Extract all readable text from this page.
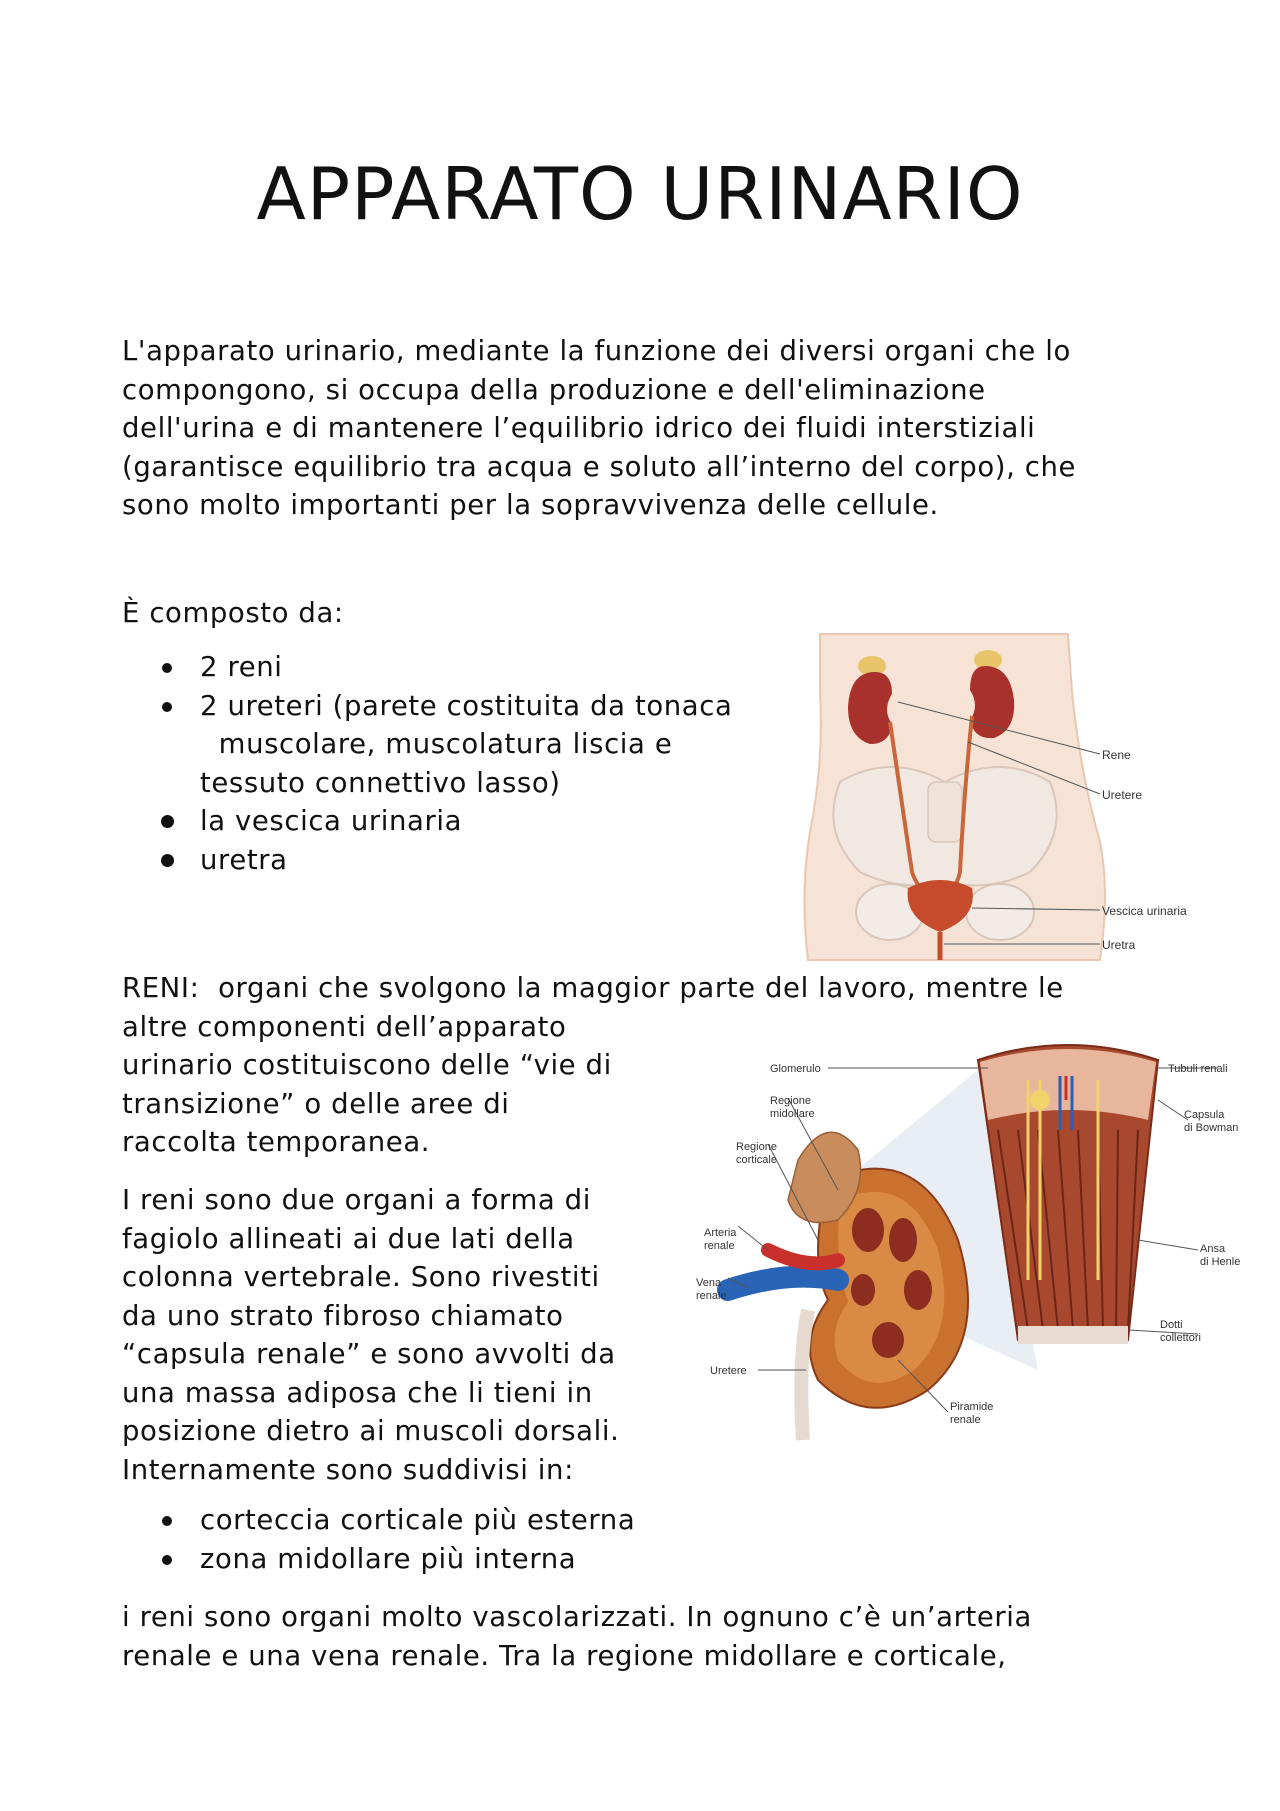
APPARATO URINARIO

L'apparato urinario, mediante la funzione dei diversi organi che lo
compongono, si occupa della produzione e dell'eliminazione
dell'urina e di mantenere l’equilibrio idrico dei fluidi interstiziali
(garantisce equilibrio tra acqua e soluto all’interno del corpo), che
sono molto importanti per la sopravvivenza delle cellule.

È composto da:

2 reni
2 ureteri (parete costituita da tonaca
muscolare, muscolatura liscia e
tessuto connettivo lasso)
la vescica urinaria
uretra
Rene
Uretere
Vescica urinaria
Uretra

RENI: organi che svolgono la maggior parte del lavoro, mentre le
altre componenti dell’apparato
urinario costituiscono delle “vie di
transizione” o delle aree di
raccolta temporanea.

I reni sono due organi a forma di
fagiolo allineati ai due lati della
colonna vertebrale. Sono rivestiti
da uno strato fibroso chiamato
“capsula renale” e sono avvolti da
una massa adiposa che li tieni in
posizione dietro ai muscoli dorsali.
Internamente sono suddivisi in:

Glomerulo	Tubuli renali
Regione
midollare
Regione
corticale
Capsula
di Bowman
Arteria
renale
Vena
renale
Ansa
di Henle
Dotti
collettori
Uretere
Piramide
renale
corteccia corticale più esterna
zona midollare più interna

i reni sono organi molto vascolarizzati. In ognuno c’è un’arteria
renale e una vena renale. Tra la regione midollare e corticale,
